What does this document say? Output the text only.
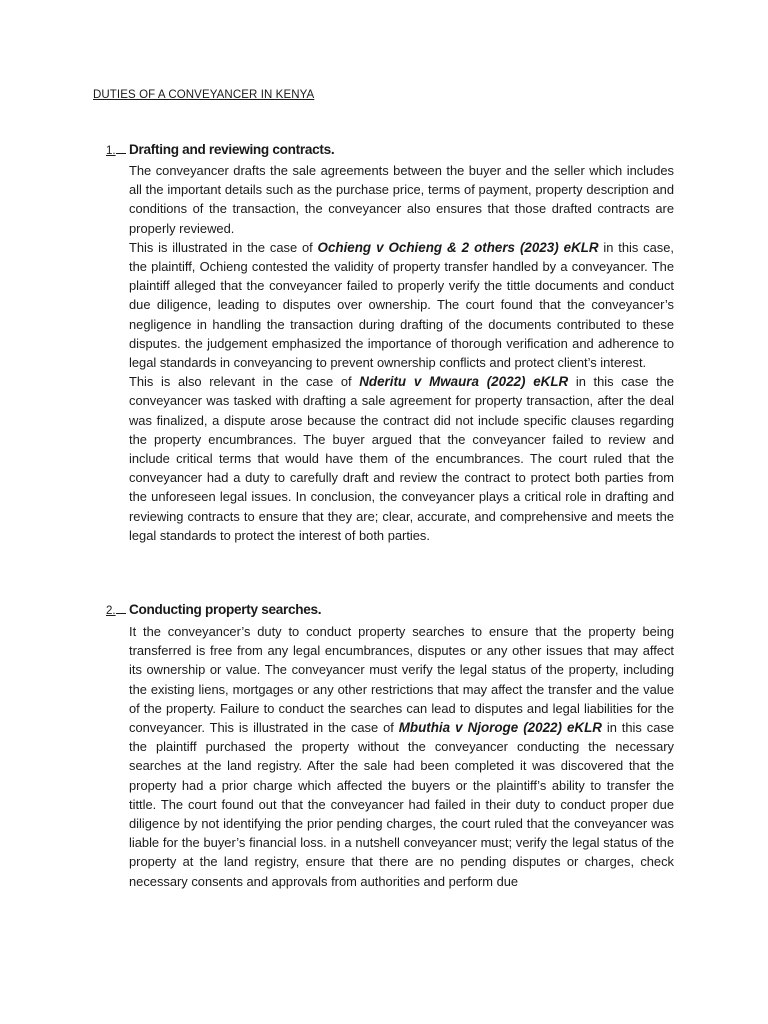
DUTIES OF A CONVEYANCER IN KENYA
1. Drafting and reviewing contracts.

The conveyancer drafts the sale agreements between the buyer and the seller which includes all the important details such as the purchase price, terms of payment, property description and conditions of the transaction, the conveyancer also ensures that those drafted contracts are properly reviewed.

This is illustrated in the case of Ochieng v Ochieng & 2 others (2023) eKLR in this case, the plaintiff, Ochieng contested the validity of property transfer handled by a conveyancer. The plaintiff alleged that the conveyancer failed to properly verify the tittle documents and conduct due diligence, leading to disputes over ownership. The court found that the conveyancer’s negligence in handling the transaction during drafting of the documents contributed to these disputes. the judgement emphasized the importance of thorough verification and adherence to legal standards in conveyancing to prevent ownership conflicts and protect client’s interest.

This is also relevant in the case of Nderitu v Mwaura (2022) eKLR in this case the conveyancer was tasked with drafting a sale agreement for property transaction, after the deal was finalized, a dispute arose because the contract did not include specific clauses regarding the property encumbrances. The buyer argued that the conveyancer failed to review and include critical terms that would have them of the encumbrances. The court ruled that the conveyancer had a duty to carefully draft and review the contract to protect both parties from the unforeseen legal issues. In conclusion, the conveyancer plays a critical role in drafting and reviewing contracts to ensure that they are; clear, accurate, and comprehensive and meets the legal standards to protect the interest of both parties.

2. Conducting property searches.

It the conveyancer’s duty to conduct property searches to ensure that the property being transferred is free from any legal encumbrances, disputes or any other issues that may affect its ownership or value. The conveyancer must verify the legal status of the property, including the existing liens, mortgages or any other restrictions that may affect the transfer and the value of the property. Failure to conduct the searches can lead to disputes and legal liabilities for the conveyancer. This is illustrated in the case of Mbuthia v Njoroge (2022) eKLR in this case the plaintiff purchased the property without the conveyancer conducting the necessary searches at the land registry. After the sale had been completed it was discovered that the property had a prior charge which affected the buyers or the plaintiff’s ability to transfer the tittle. The court found out that the conveyancer had failed in their duty to conduct proper due diligence by not identifying the prior pending charges, the court ruled that the conveyancer was liable for the buyer’s financial loss. in a nutshell conveyancer must; verify the legal status of the property at the land registry, ensure that there are no pending disputes or charges, check necessary consents and approvals from authorities and perform due
